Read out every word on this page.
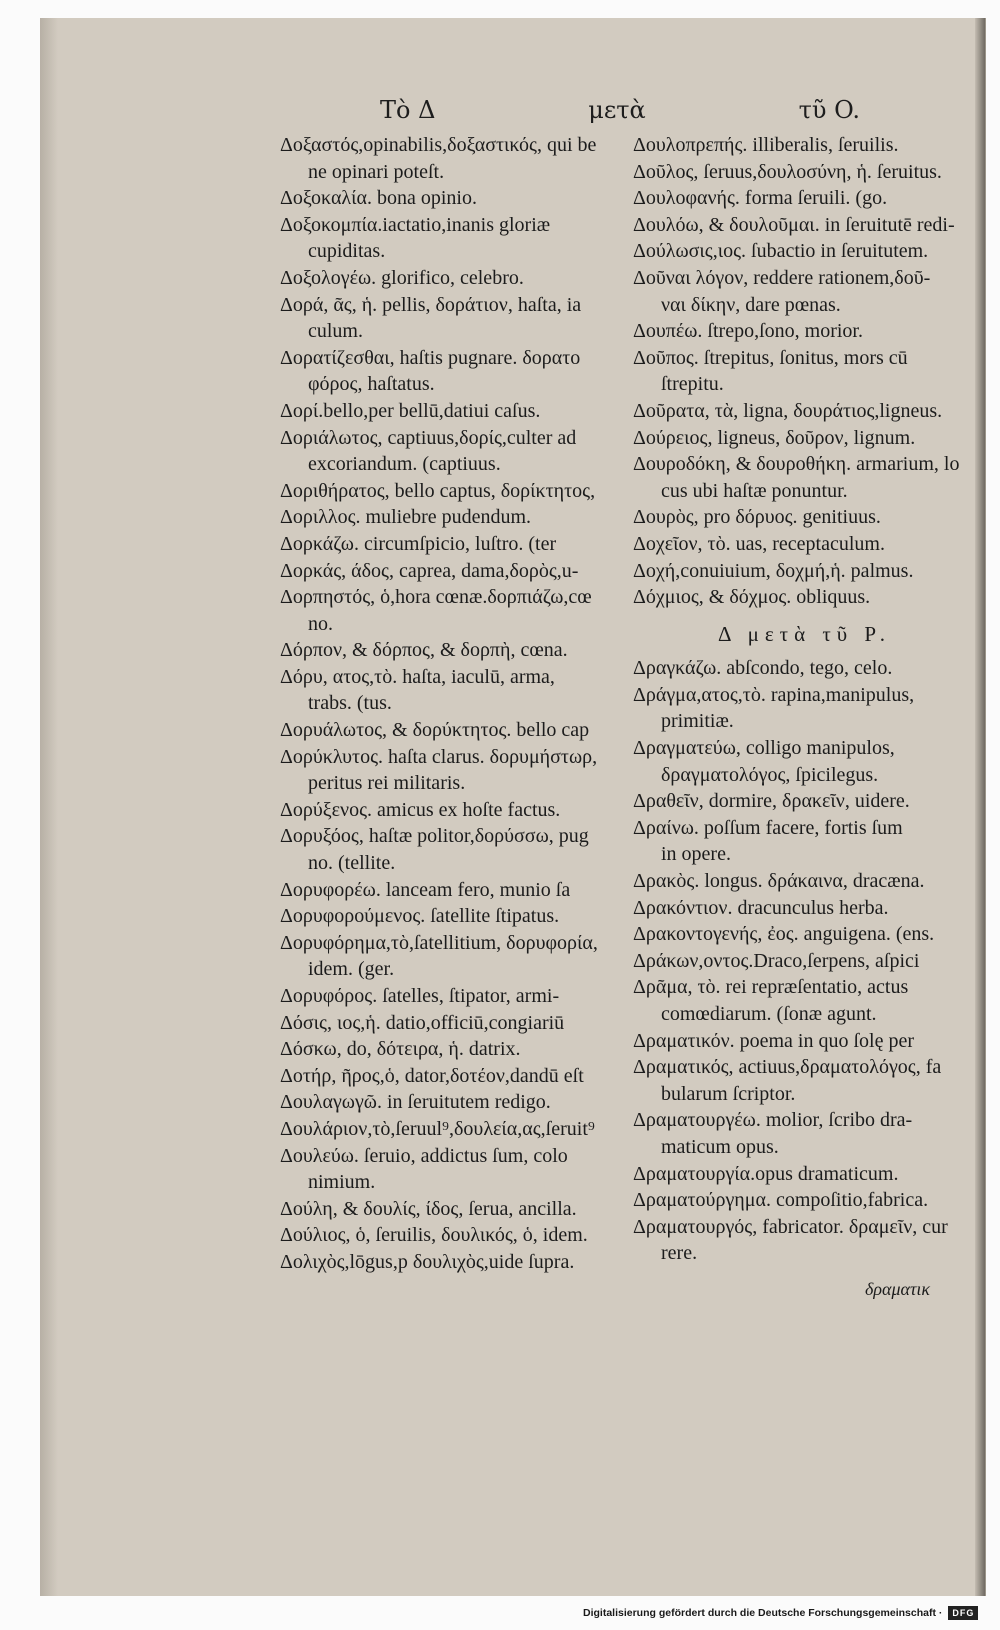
Τὸ Δ	μετὰ	τῦ O.
Δοξαστός,opinabilis,δοξαστικός, qui be
ne opinari poteſt.
Δοξοκαλία. bona opinio.
Δοξοκομπία.iactatio,inanis gloriæ
cupiditas.
Δοξολογέω. glorifico, celebro.
Δορά, ᾶς, ἡ. pellis, δοράτιον, haſta, ia
culum.
Δορατίζεσθαι, haſtis pugnare. δορατο
φόρος, haſtatus.
Δορί.bello,per bellū,datiui caſus.
Δοριάλωτος, captiuus,δορίς,culter ad
excoriandum. (captiuus.
Δοριθήρατος, bello captus, δορίκτητος,
Δοριλλος. muliebre pudendum.
Δορκάζω. circumſpicio, luſtro. (ter
Δορκάς, άδος, caprea, dama,δορὸς,u-
Δορπηστός, ὁ,hora cœnæ.δορπιάζω,cœ
no.
Δόρπον, & δόρπος, & δορπὴ, cœna.
Δόρυ, ατος,τὸ. haſta, iaculū, arma,
trabs. (tus.
Δορυάλωτος, & δορύκτητος. bello cap
Δορύκλυτος. haſta clarus. δορυμήστωρ,
peritus rei militaris.
Δορύξενος. amicus ex hoſte factus.
Δορυξόος, haſtæ politor,δορύσσω, pug
no. (tellite.
Δορυφορέω. lanceam fero, munio ſa
Δορυφορούμενος. ſatellite ſtipatus.
Δορυφόρημα,τὸ,ſatellitium, δορυφορία,
idem. (ger.
Δορυφόρος. ſatelles, ſtipator, armi-
Δόσις, ιος,ἡ. datio,officiū,congiariū
Δόσκω, do, δότειρα, ἡ. datrix.
Δοτήρ, ῆρος,ὁ, dator,δοτέον,dandū eſt
Δουλαγωγῶ. in ſeruitutem redigo.
Δουλάριον,τὸ,ſeruul⁹,δουλεία,ας,ſeruit⁹
Δουλεύω. ſeruio, addictus ſum, colo
nimium.
Δούλη, & δουλίς, ίδος, ſerua, ancilla.
Δούλιος, ὁ, ſeruilis, δουλικός, ὁ, idem.
Δολιχὸς,lōgus,p δουλιχὸς,uide ſupra.
Δουλοπρεπής. illiberalis, ſeruilis.
Δοῦλος, ſeruus,δουλοσύνη, ἡ. ſeruitus.
Δουλοφανής. forma ſeruili. (go.
Δουλόω, & δουλοῦμαι. in ſeruitutē redi-
Δούλωσις,ιος. ſubactio in ſeruitutem.
Δοῦναι λόγον, reddere rationem,δοῦ-
ναι δίκην, dare pœnas.
Δουπέω. ſtrepo,ſono, morior.
Δοῦπος. ſtrepitus, ſonitus, mors cū
ſtrepitu.
Δοῦρατα, τὰ, ligna, δουράτιος,ligneus.
Δούρειος, ligneus, δοῦρον, lignum.
Δουροδόκη, & δουροθήκη. armarium, lo
cus ubi haſtæ ponuntur.
Δουρὸς, pro δόρυος. genitiuus.
Δοχεῖον, τὸ. uas, receptaculum.
Δοχή,conuiuium, δοχμή,ἡ. palmus.
Δόχμιος, & δόχμος. obliquus.
Δ μετὰ τῦ P.
Δραγκάζω. abſcondo, tego, celo.
Δράγμα,ατος,τὸ. rapina,manipulus,
primitiæ.
Δραγματεύω, colligo manipulos,
δραγματολόγος, ſpicilegus.
Δραθεῖν, dormire, δρακεῖν, uidere.
Δραίνω. poſſum facere, fortis ſum
in opere.
Δρακὸς. longus. δράκαινα, dracæna.
Δρακόντιον. dracunculus herba.
Δρακοντογενής, ἐος. anguigena. (ens.
Δράκων,οντος.Draco,ſerpens, aſpici
Δρᾶμα, τὸ. rei repræſentatio, actus
comœdiarum. (ſonæ agunt.
Δραματικόν. poema in quo ſolę per
Δραματικός, actiuus,δραματολόγος, fa
bularum ſcriptor.
Δραματουργέω. molior, ſcribo dra-
maticum opus.
Δραματουργία.opus dramaticum.
Δραματούργημα. compoſitio,fabrica.
Δραματουργός, fabricator. δραμεῖν, cur
rere.
δραματικ
Digitalisierung gefördert durch die Deutsche Forschungsgemeinschaft ·	DFG
